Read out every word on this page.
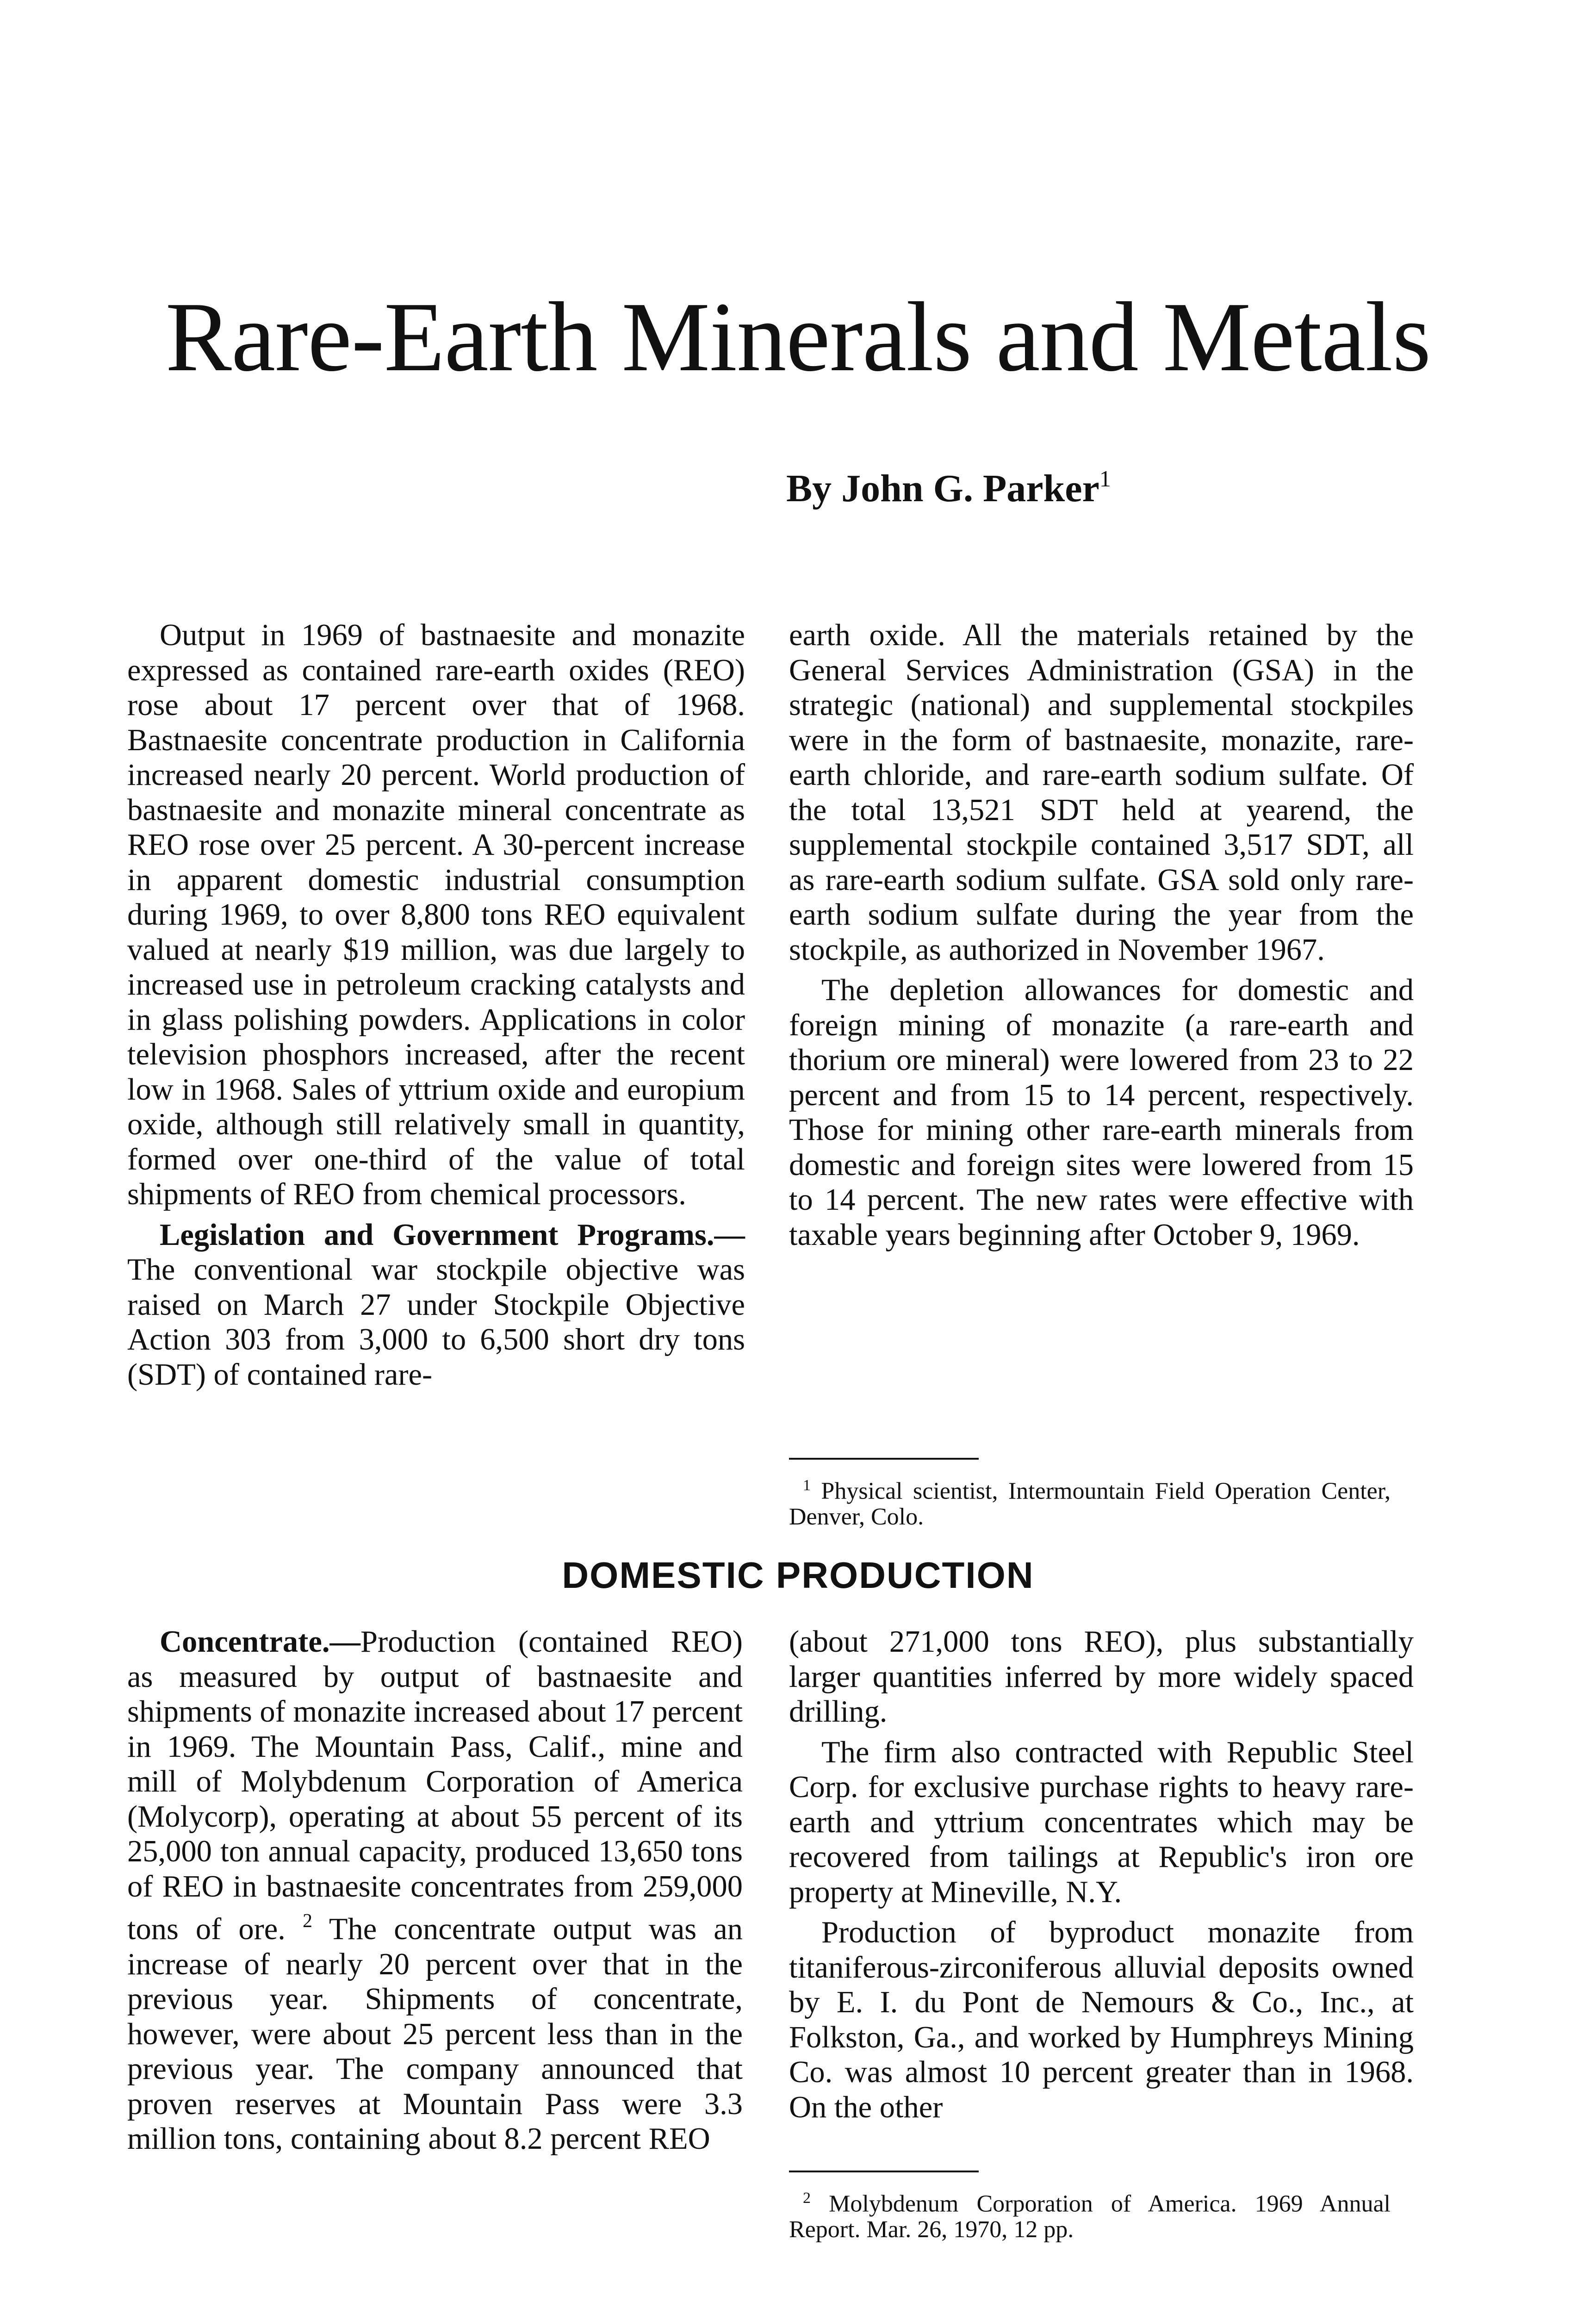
Rare-Earth Minerals and Metals
By John G. Parker$^1$

Output in 1969 of bastnaesite and monazite expressed as contained rare-earth oxides (REO) rose about 17 percent over that of 1968. Bastnaesite concentrate production in California increased nearly 20 percent. World production of bastnaesite and monazite mineral concentrate as REO rose over 25 percent. A 30-percent increase in apparent domestic industrial consumption during 1969, to over 8,800 tons REO equivalent valued at nearly $19 million, was due largely to increased use in petroleum cracking catalysts and in glass polishing powders. Applications in color television phosphors increased, after the recent low in 1968. Sales of yttrium oxide and europium oxide, although still relatively small in quantity, formed over one-third of the value of total shipments of REO from chemical processors.

Legislation and Government Programs.— The conventional war stockpile objective was raised on March 27 under Stockpile Objective Action 303 from 3,000 to 6,500 short dry tons (SDT) of contained rare-

earth oxide. All the materials retained by the General Services Administration (GSA) in the strategic (national) and supplemental stockpiles were in the form of bastnaesite, monazite, rare-earth chloride, and rare-earth sodium sulfate. Of the total 13,521 SDT held at yearend, the supplemental stockpile contained 3,517 SDT, all as rare-earth sodium sulfate. GSA sold only rare-earth sodium sulfate during the year from the stockpile, as authorized in November 1967.

The depletion allowances for domestic and foreign mining of monazite (a rare-earth and thorium ore mineral) were lowered from 23 to 22 percent and from 15 to 14 percent, respectively. Those for mining other rare-earth minerals from domestic and foreign sites were lowered from 15 to 14 percent. The new rates were effective with taxable years beginning after October 9, 1969.

$^1$ Physical scientist, Intermountain Field Operation Center, Denver, Colo.

DOMESTIC PRODUCTION

Concentrate.—Production (contained REO) as measured by output of bastnaesite and shipments of monazite increased about 17 percent in 1969. The Mountain Pass, Calif., mine and mill of Molybdenum Corporation of America (Molycorp), operating at about 55 percent of its 25,000 ton annual capacity, produced 13,650 tons of REO in bastnaesite concentrates from 259,000 tons of ore. $^2$ The concentrate output was an increase of nearly 20 percent over that in the previous year. Shipments of concentrate, however, were about 25 percent less than in the previous year. The company announced that proven reserves at Mountain Pass were 3.3 million tons, containing about 8.2 percent REO

(about 271,000 tons REO), plus substantially larger quantities inferred by more widely spaced drilling.

The firm also contracted with Republic Steel Corp. for exclusive purchase rights to heavy rare-earth and yttrium concentrates which may be recovered from tailings at Republic's iron ore property at Mineville, N.Y.

Production of byproduct monazite from titaniferous-zirconiferous alluvial deposits owned by E. I. du Pont de Nemours & Co., Inc., at Folkston, Ga., and worked by Humphreys Mining Co. was almost 10 percent greater than in 1968. On the other

$^2$ Molybdenum Corporation of America. 1969 Annual Report. Mar. 26, 1970, 12 pp.
